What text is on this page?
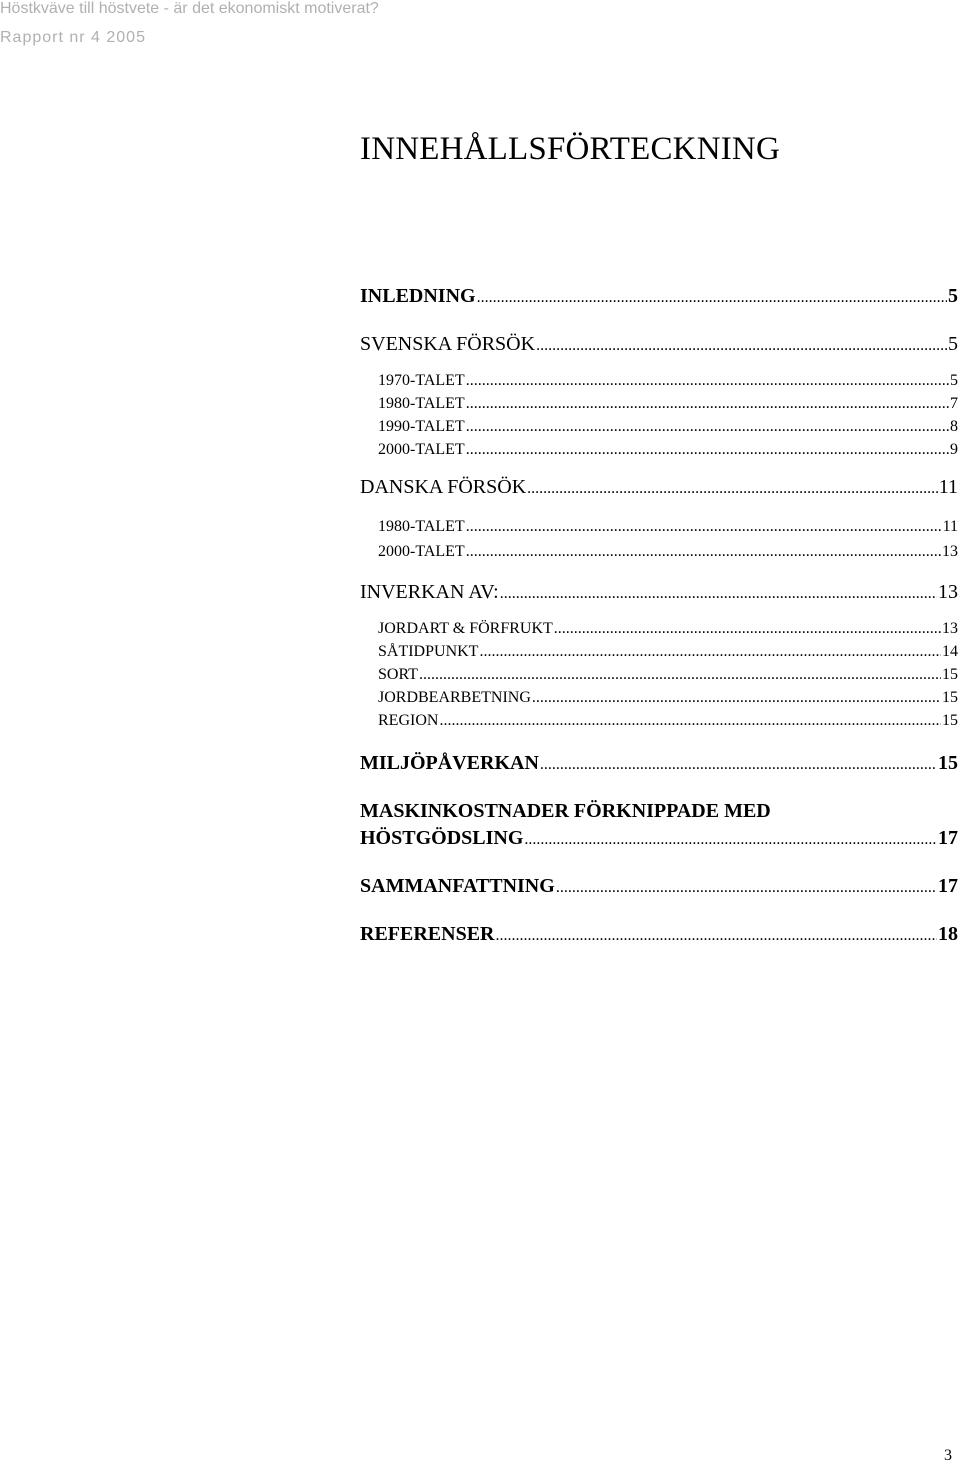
Höstkväve till höstvete - är det ekonomiskt motiverat?
Rapport nr 4 2005
INNEHÅLLSFÖRTECKNING
INLEDNING .....	5
SVENSKA FÖRSÖK .....	5
1970-TALET .....	5
1980-TALET .....	7
1990-TALET .....	8
2000-TALET .....	9
DANSKA FÖRSÖK .....	11
1980-TALET .....	11
2000-TALET .....	13
INVERKAN AV: .....	13
JORDART & FÖRFRUKT .....	13
SÅTIDPUNKT .....	14
SORT .....	15
JORDBEARBETNING .....	15
REGION .....	15
MILJÖPÅVERKAN .....	15
MASKINKOSTNADER FÖRKNIPPADE MED
HÖSTGÖDSLING .....	17
SAMMANFATTNING .....	17
REFERENSER .....	18
3
